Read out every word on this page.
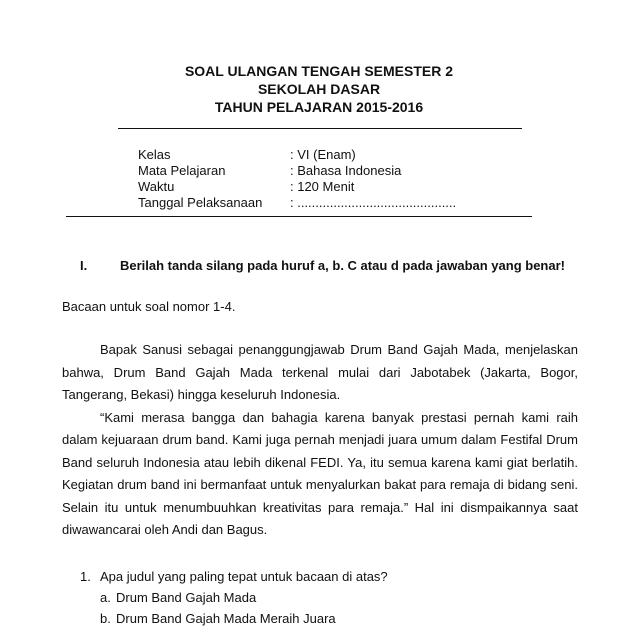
SOAL ULANGAN TENGAH SEMESTER 2
SEKOLAH DASAR
TAHUN PELAJARAN 2015-2016
Kelas	: VI (Enam)
Mata Pelajaran	: Bahasa Indonesia
Waktu	: 120 Menit
Tanggal Pelaksanaan	: ............................................
I.	Berilah tanda silang pada huruf a, b. C atau d pada jawaban yang benar!
Bacaan untuk soal nomor 1-4.

Bapak Sanusi sebagai penanggungjawab Drum Band Gajah Mada, menjelaskan bahwa, Drum Band Gajah Mada terkenal mulai dari Jabotabek (Jakarta, Bogor, Tangerang, Bekasi) hingga keseluruh Indonesia.

“Kami merasa bangga dan bahagia karena banyak prestasi pernah kami raih dalam kejuaraan drum band. Kami juga pernah menjadi juara umum dalam Festifal Drum Band seluruh Indonesia atau lebih dikenal FEDI. Ya, itu semua karena kami giat berlatih. Kegiatan drum band ini bermanfaat untuk menyalurkan bakat para remaja di bidang seni. Selain itu untuk menumbuuhkan kreativitas para remaja.” Hal ini dismpaikannya saat diwawancarai oleh Andi dan Bagus.

1. Apa judul yang paling tepat untuk bacaan di atas?
a. Drum Band Gajah Mada
b. Drum Band Gajah Mada Meraih Juara
